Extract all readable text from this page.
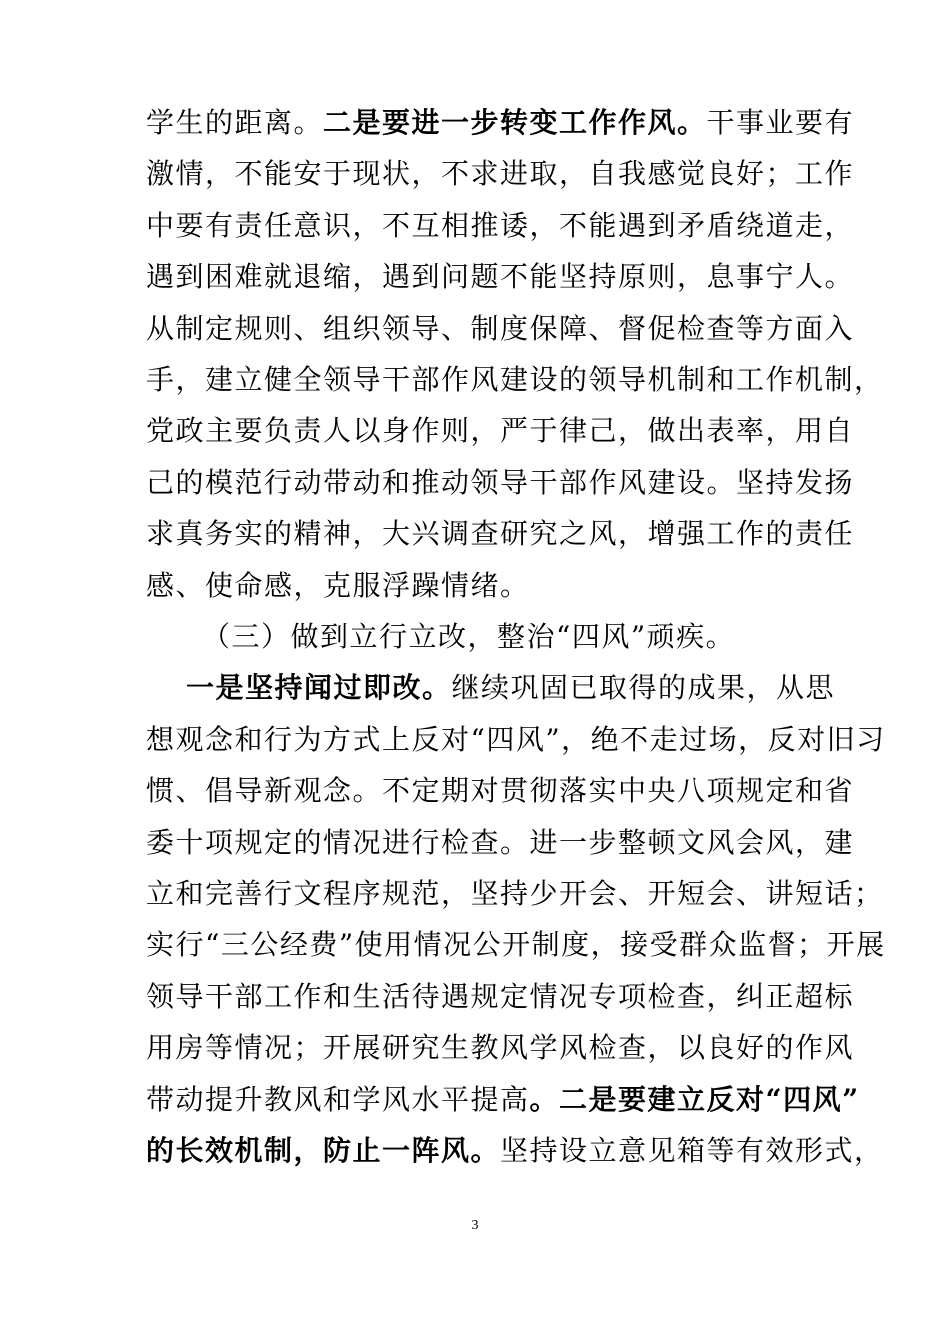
学生的距离。二是要进一步转变工作作风。干事业要有
激情，不能安于现状，不求进取，自我感觉良好；工作
中要有责任意识，不互相推诿，不能遇到矛盾绕道走，
遇到困难就退缩，遇到问题不能坚持原则，息事宁人。
从制定规则、组织领导、制度保障、督促检查等方面入
手，建立健全领导干部作风建设的领导机制和工作机制，
党政主要负责人以身作则，严于律己，做出表率，用自
己的模范行动带动和推动领导干部作风建设。坚持发扬
求真务实的精神，大兴调查研究之风，增强工作的责任
感、使命感，克服浮躁情绪。
（三）做到立行立改，整治“四风”顽疾。
一是坚持闻过即改。继续巩固已取得的成果，从思
想观念和行为方式上反对“四风”，绝不走过场，反对旧习
惯、倡导新观念。不定期对贯彻落实中央八项规定和省
委十项规定的情况进行检查。进一步整顿文风会风，建
立和完善行文程序规范，坚持少开会、开短会、讲短话；
实行“三公经费”使用情况公开制度，接受群众监督；开展
领导干部工作和生活待遇规定情况专项检查，纠正超标
用房等情况；开展研究生教风学风检查，以良好的作风
带动提升教风和学风水平提高。二是要建立反对“四风”
的长效机制，防止一阵风。坚持设立意见箱等有效形式，
3
